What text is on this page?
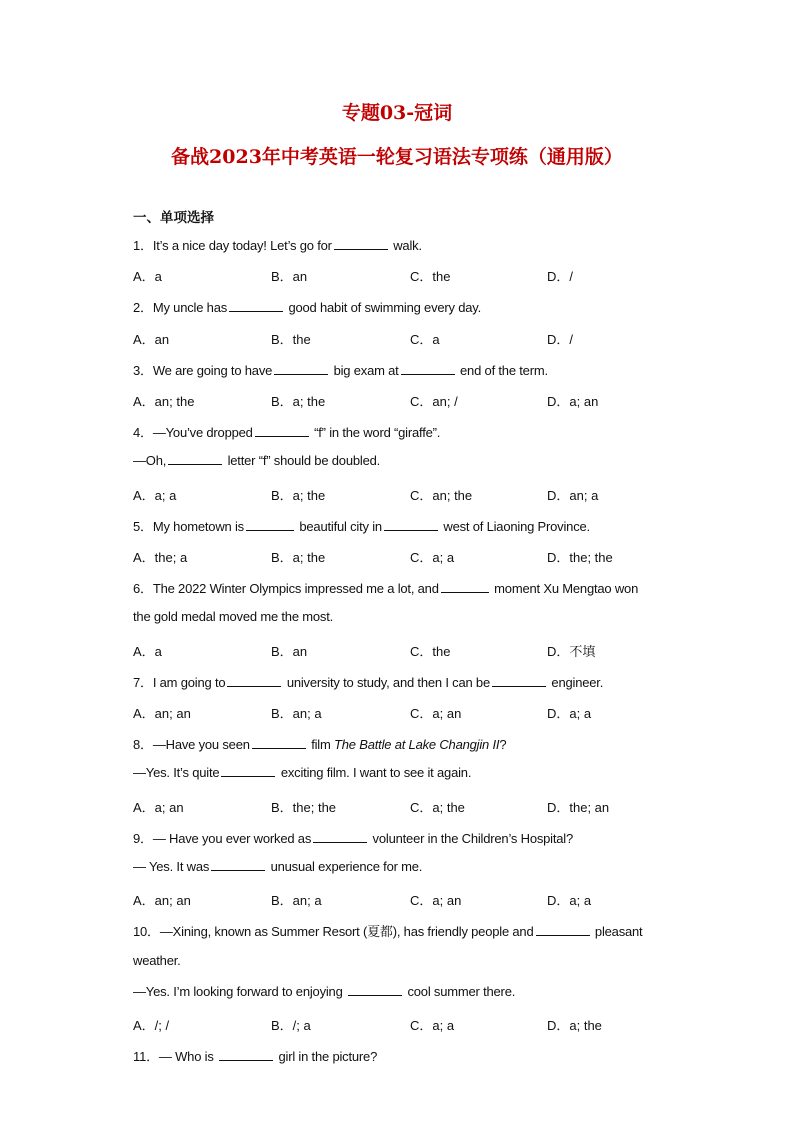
专题03-冠词
备战2023年中考英语一轮复习语法专项练（通用版）
一、单项选择
1．It’s a nice day today! Let’s go for	walk.
A．a	B．an	C．the	D．/
2．My uncle has	good habit of swimming every day.
A．an	B．the	C．a	D．/
3．We are going to have	big exam at	end of the term.
A．an; the	B．a; the	C．an; /	D．a; an
4．—You’ve dropped	“f” in the word “giraffe”.
—Oh,	letter “f” should be doubled.
A．a; a	B．a; the	C．an; the	D．an; a
5．My hometown is	beautiful city in	west of Liaoning Province.
A．the; a	B．a; the	C．a; a	D．the; the
6．The 2022 Winter Olympics impressed me a lot, and	moment Xu Mengtao won
the gold medal moved me the most.
A．a	B．an	C．the	D．不填
7．I am going to	university to study, and then I can be	engineer.
A．an; an	B．an; a	C．a; an	D．a; a
8．—Have you seen	film The Battle at Lake Changjin II?
—Yes. It’s quite	exciting film. I want to see it again.
A．a; an	B．the; the	C．a; the	D．the; an
9．— Have you ever worked as	volunteer in the Children’s Hospital?
— Yes. It was	unusual experience for me.
A．an; an	B．an; a	C．a; an	D．a; a
10．—Xining, known as Summer Resort (夏都), has friendly people and	pleasant
weather.
—Yes. I’m looking forward to enjoying	cool summer there.
A．/; /	B．/; a	C．a; a	D．a; the
11．— Who is	girl in the picture?
